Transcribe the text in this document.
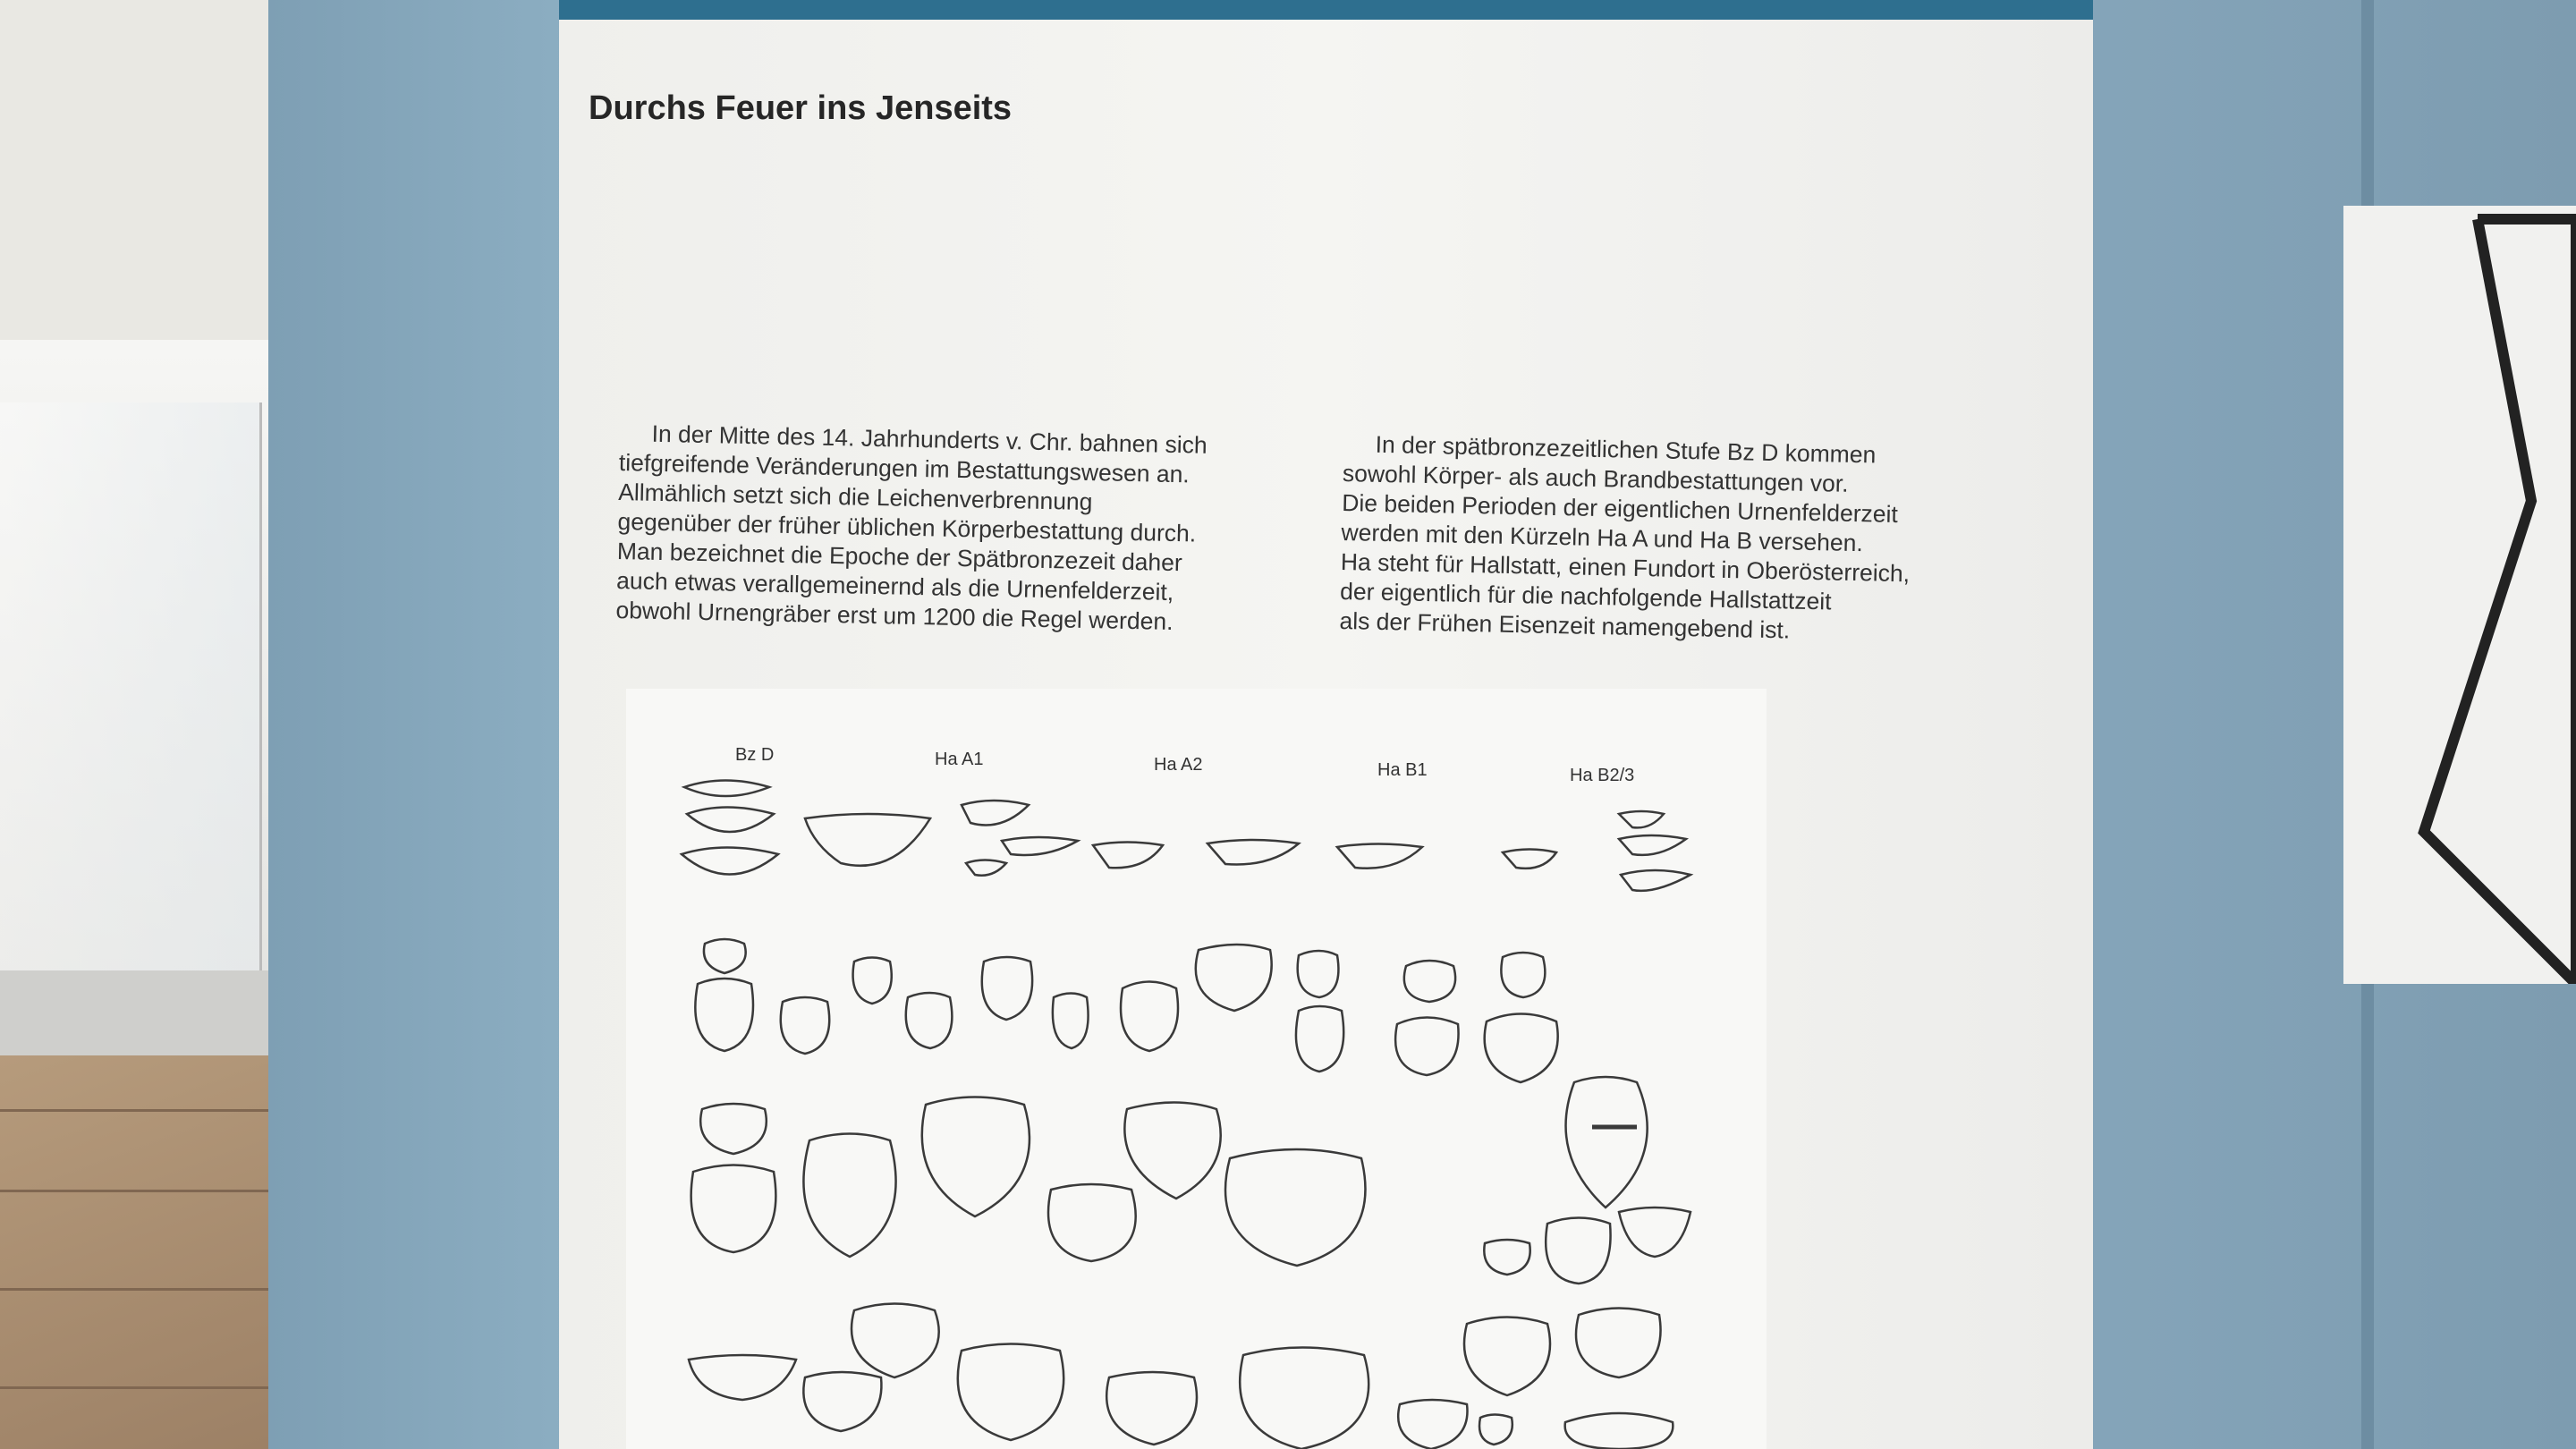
Durchs Feuer ins Jenseits
In der Mitte des 14. Jahrhunderts v. Chr. bahnen sich
tiefgreifende Veränderungen im Bestattungswesen an.
Allmählich setzt sich die Leichenverbrennung
gegenüber der früher üblichen Körperbestattung durch.
Man bezeichnet die Epoche der Spätbronzezeit daher
auch etwas verallgemeinernd als die Urnenfelderzeit,
obwohl Urnengräber erst um 1200 die Regel werden.
In der spätbronzezeitlichen Stufe Bz D kommen
sowohl Körper- als auch Brandbestattungen vor.
Die beiden Perioden der eigentlichen Urnenfelderzeit
werden mit den Kürzeln Ha A und Ha B versehen.
Ha steht für Hallstatt, einen Fundort in Oberösterreich,
der eigentlich für die nachfolgende Hallstattzeit
als der Frühen Eisenzeit namengebend ist.
Bz D	Ha A1	Ha A2	Ha B1	Ha B2/3
